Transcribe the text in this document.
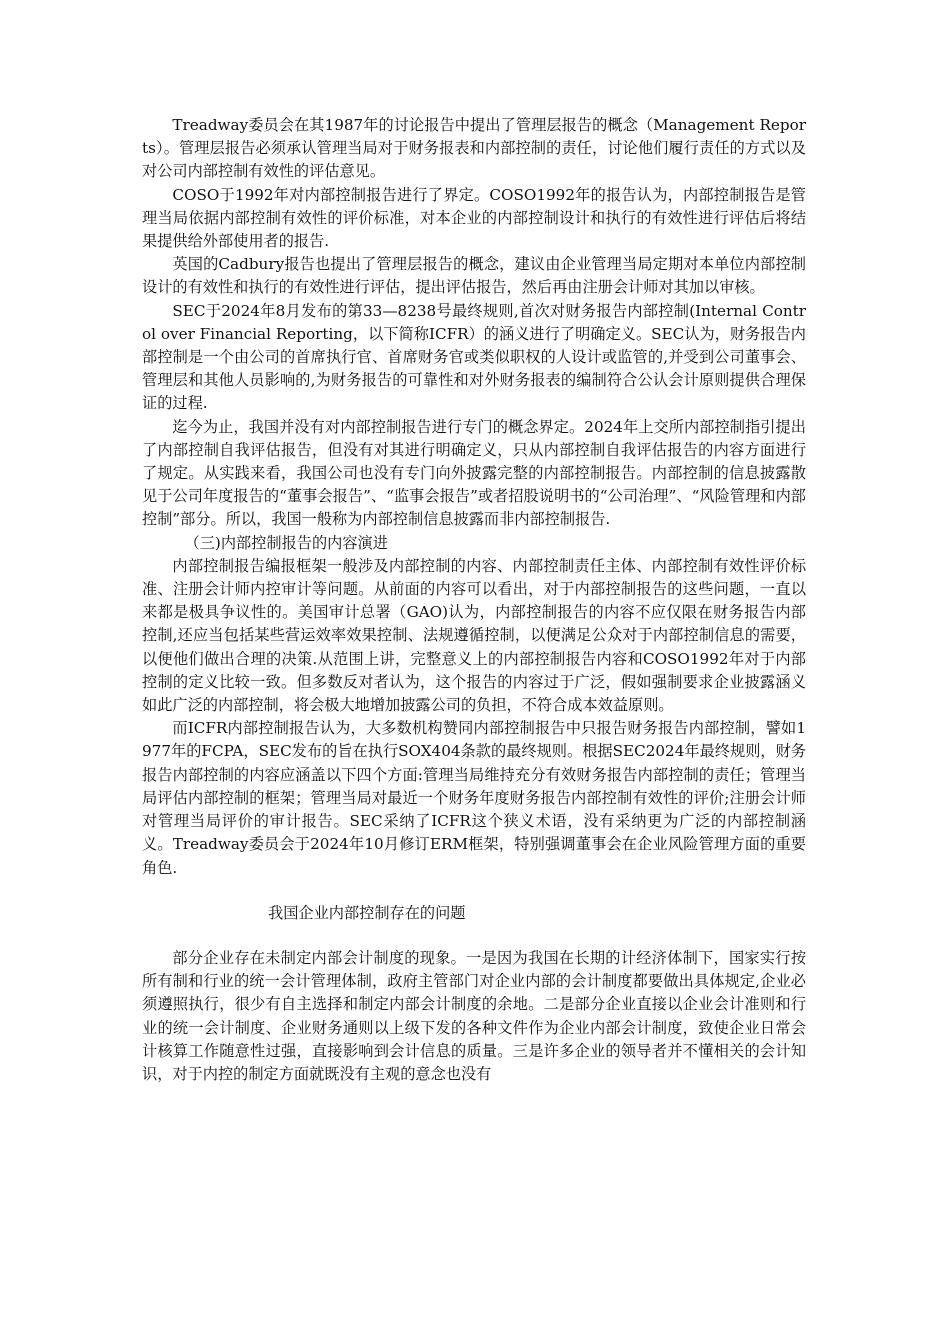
Treadway委员会在其1987年的讨论报告中提出了管理层报告的概念（Management Reports）。管理层报告必须承认管理当局对于财务报表和内部控制的责任，讨论他们履行责任的方式以及对公司内部控制有效性的评估意见。

COSO于1992年对内部控制报告进行了界定。COSO1992年的报告认为，内部控制报告是管理当局依据内部控制有效性的评价标准，对本企业的内部控制设计和执行的有效性进行评估后将结果提供给外部使用者的报告.

英国的Cadbury报告也提出了管理层报告的概念，建议由企业管理当局定期对本单位内部控制设计的有效性和执行的有效性进行评估，提出评估报告，然后再由注册会计师对其加以审核。

SEC于2024年8月发布的第33—8238号最终规则,首次对财务报告内部控制(Internal Control over Financial Reporting，以下简称ICFR）的涵义进行了明确定义。SEC认为，财务报告内部控制是一个由公司的首席执行官、首席财务官或类似职权的人设计或监管的,并受到公司董事会、管理层和其他人员影响的,为财务报告的可靠性和对外财务报表的编制符合公认会计原则提供合理保证的过程.

迄今为止，我国并没有对内部控制报告进行专门的概念界定。2024年上交所内部控制指引提出了内部控制自我评估报告，但没有对其进行明确定义，只从内部控制自我评估报告的内容方面进行了规定。从实践来看，我国公司也没有专门向外披露完整的内部控制报告。内部控制的信息披露散见于公司年度报告的“董事会报告”、“监事会报告”或者招股说明书的“公司治理”、“风险管理和内部控制”部分。所以，我国一般称为内部控制信息披露而非内部控制报告.

（三)内部控制报告的内容演进

内部控制报告编报框架一般涉及内部控制的内容、内部控制责任主体、内部控制有效性评价标准、注册会计师内控审计等问题。从前面的内容可以看出，对于内部控制报告的这些问题，一直以来都是极具争议性的。美国审计总署（GAO)认为，内部控制报告的内容不应仅限在财务报告内部控制,还应当包括某些营运效率效果控制、法规遵循控制，以便满足公众对于内部控制信息的需要，以便他们做出合理的决策.从范围上讲，完整意义上的内部控制报告内容和COSO1992年对于内部控制的定义比较一致。但多数反对者认为，这个报告的内容过于广泛，假如强制要求企业披露涵义如此广泛的内部控制，将会极大地增加披露公司的负担，不符合成本效益原则。

而ICFR内部控制报告认为，大多数机构赞同内部控制报告中只报告财务报告内部控制，譬如1977年的FCPA，SEC发布的旨在执行SOX404条款的最终规则。根据SEC2024年最终规则，财务报告内部控制的内容应涵盖以下四个方面:管理当局维持充分有效财务报告内部控制的责任；管理当局评估内部控制的框架；管理当局对最近一个财务年度财务报告内部控制有效性的评价;注册会计师对管理当局评价的审计报告。SEC采纳了ICFR这个狭义术语，没有采纳更为广泛的内部控制涵义。Treadway委员会于2024年10月修订ERM框架，特别强调董事会在企业风险管理方面的重要角色.

我国企业内部控制存在的问题

部分企业存在未制定内部会计制度的现象。一是因为我国在长期的计经济体制下，国家实行按所有制和行业的统一会计管理体制，政府主管部门对企业内部的会计制度都要做出具体规定,企业必须遵照执行，很少有自主选择和制定内部会计制度的余地。二是部分企业直接以企业会计准则和行业的统一会计制度、企业财务通则以上级下发的各种文件作为企业内部会计制度，致使企业日常会计核算工作随意性过强，直接影响到会计信息的质量。三是许多企业的领导者并不懂相关的会计知识，对于内控的制定方面就既没有主观的意念也没有
